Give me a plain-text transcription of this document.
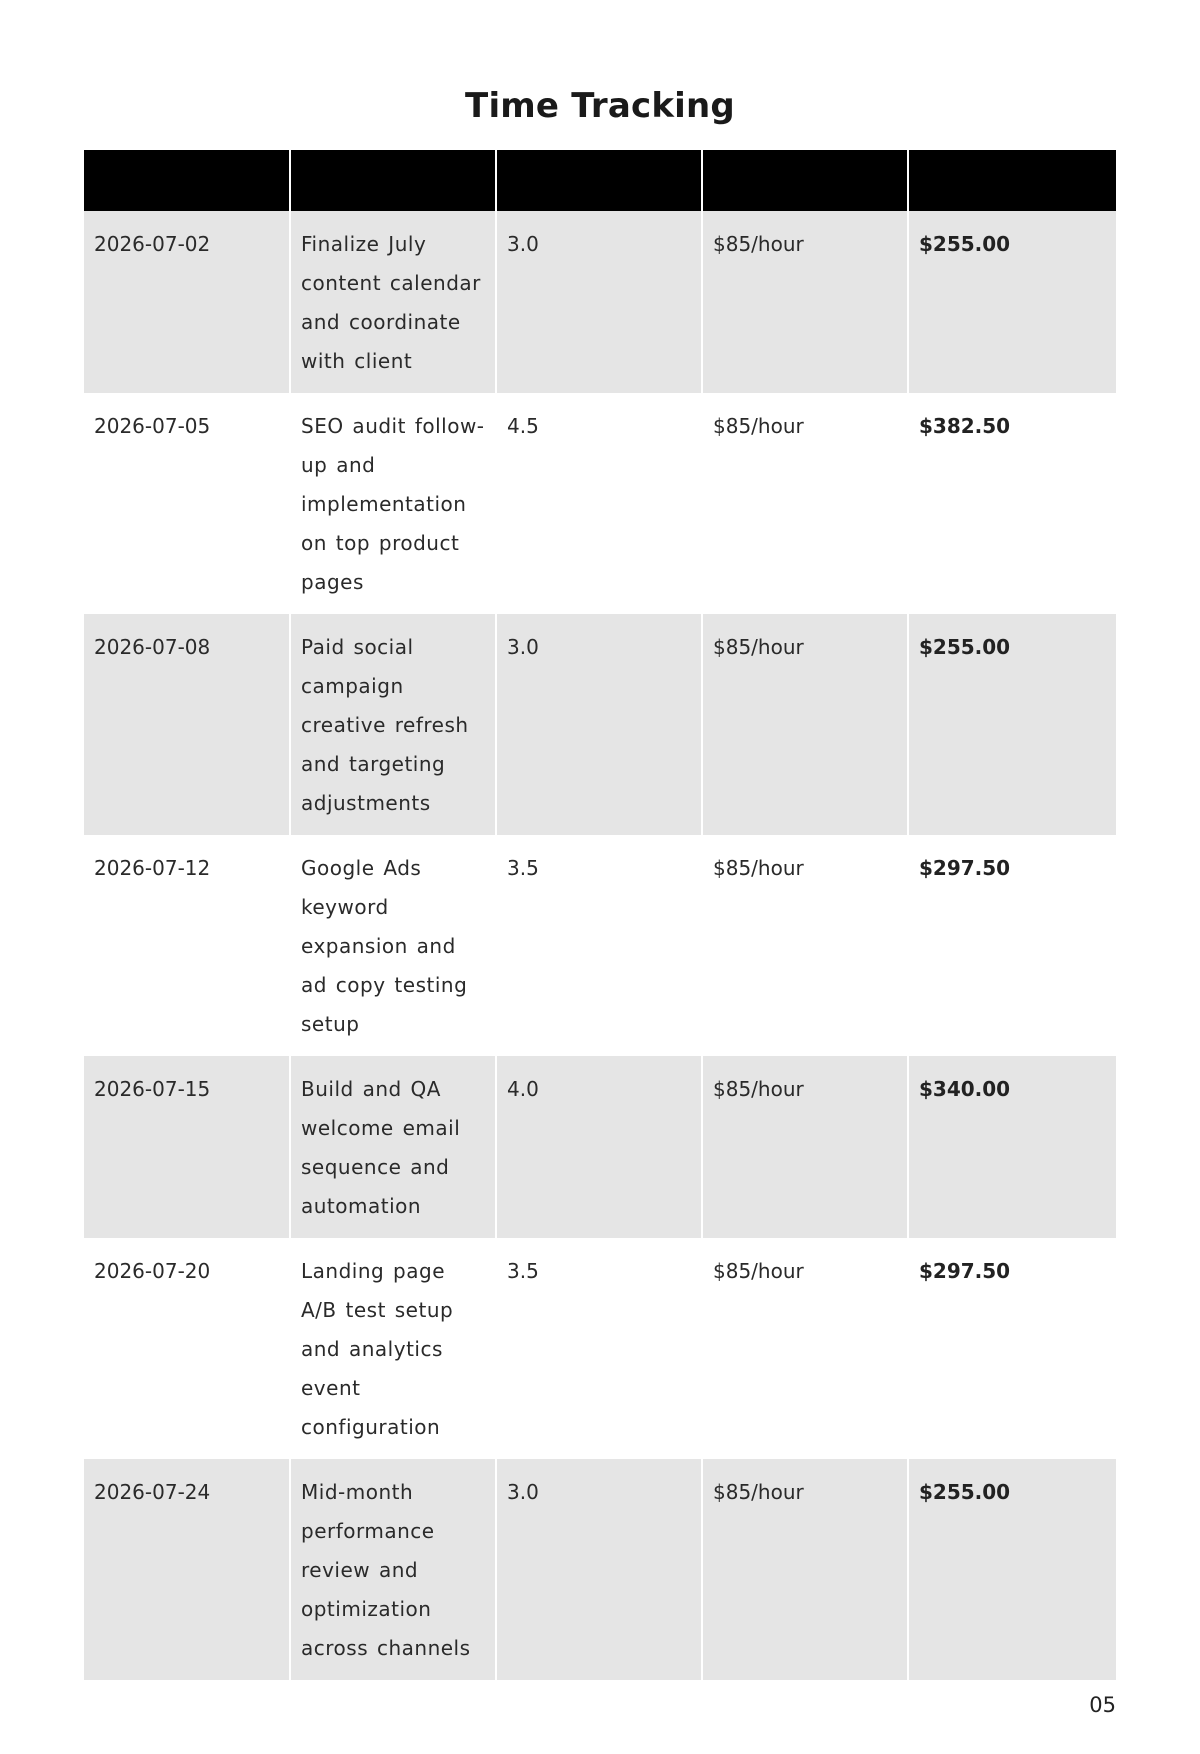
Time Tracking

2026-07-02	Finalize July content calendar and coordinate with client	3.0	$85/hour	$255.00
2026-07-05	SEO audit follow-up and implementation on top product pages	4.5	$85/hour	$382.50
2026-07-08	Paid social campaign creative refresh and targeting adjustments	3.0	$85/hour	$255.00
2026-07-12	Google Ads keyword expansion and ad copy testing setup	3.5	$85/hour	$297.50
2026-07-15	Build and QA welcome email sequence and automation	4.0	$85/hour	$340.00
2026-07-20	Landing page A/B test setup and analytics event configuration	3.5	$85/hour	$297.50
2026-07-24	Mid-month performance review and optimization across channels	3.0	$85/hour	$255.00
05
